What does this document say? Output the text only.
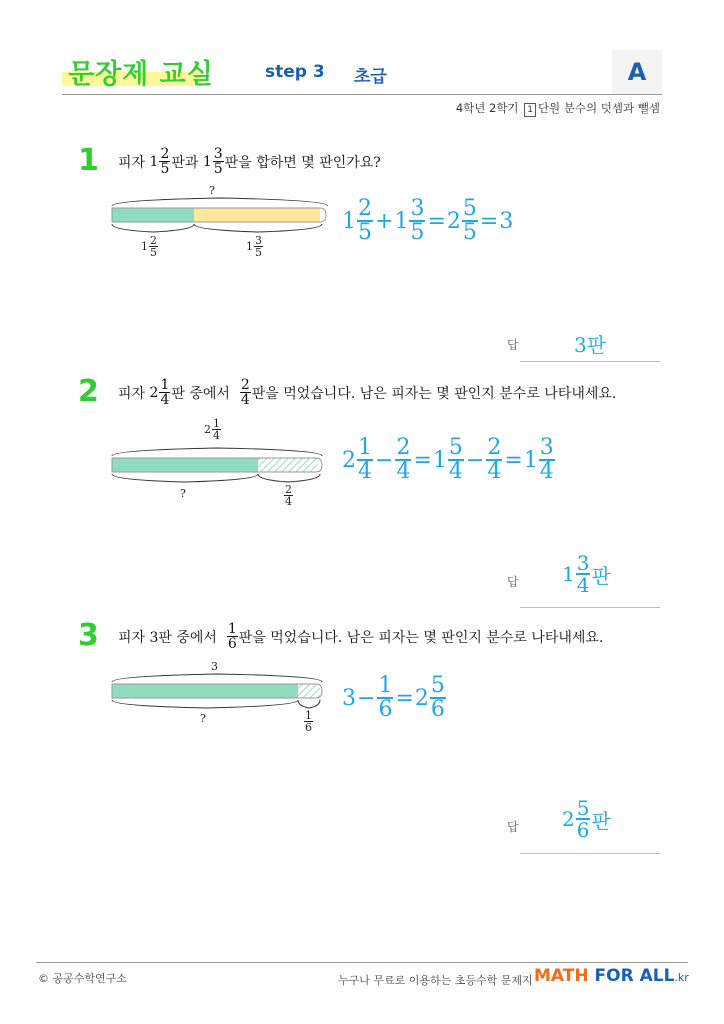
문장제 교실	step 3 초급	A
4학년 2학기 1 단원 분수의 덧셈과 뺄셈
1 피자
$1 \frac{2}{5}$ 판과
$1 \frac{3}{5}$ 판을 합하면 몇 판인가요?
?
$1 \frac{2}{5}$	$1 \frac{3}{5}$
$1 \frac{2}{5} + 1 \frac{3}{5} = 2 \frac{5}{5} = 3$
답	3판
2 피자
$2 \frac{1}{4}$ 판 중에서
$\frac{2}{4}$ 판을 먹었습니다. 남은 피자는 몇 판인지 분수로 나타내세요.
$2 \frac{1}{4}$
?	$\frac{2}{4}$
$2 \frac{1}{4} - \frac{2}{4} = 1 \frac{5}{4} - \frac{2}{4} = 1 \frac{3}{4}$
답 $1 \frac{3}{4}$ 판
3 피자 3판 중에서
$\frac{1}{6}$ 판을 먹었습니다. 남은 피자는 몇 판인지 분수로 나타내세요.
3
?	$\frac{1}{6}$
$3 - \frac{1}{6} = 2 \frac{5}{6}$
답 $2 \frac{5}{6}$ 판
© 공공수학연구소	누구나 무료로 이용하는 초등수학 문제지 MATH FOR ALL.kr
